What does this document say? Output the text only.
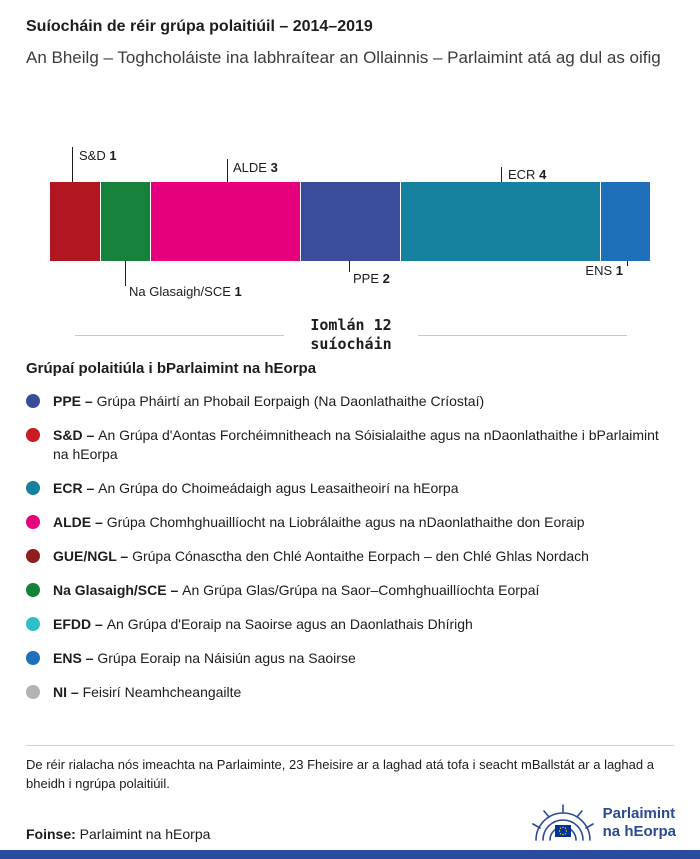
Suíocháin de réir grúpa polaitiúil – 2014–2019
An Bheilg – Toghcholáiste ina labhraítear an Ollainnis – Parlaimint atá ag dul as oifig
S&D 1
Na Glasaigh/SCE 1
ALDE 3
PPE 2
ECR 4
ENS 1
Iomlán 12
suíocháin
Grúpaí polaitiúla i bParlaimint na hEorpa
PPE – Grúpa Pháirtí an Phobail Eorpaigh (Na Daonlathaithe Críostaí)
S&D – An Grúpa d'Aontas Forchéimnitheach na Sóisialaithe agus na nDaonlathaithe i bParlaimint na hEorpa
ECR – An Grúpa do Choimeádaigh agus Leasaitheoirí na hEorpa
ALDE – Grúpa Chomhghuaillíocht na Liobrálaithe agus na nDaonlathaithe don Eoraip
GUE/NGL – Grúpa Cónasctha den Chlé Aontaithe Eorpach – den Chlé Ghlas Nordach
Na Glasaigh/SCE – An Grúpa Glas/Grúpa na Saor–Comhghuaillíochta Eorpaí
EFDD – An Grúpa d'Eoraip na Saoirse agus an Daonlathais Dhírigh
ENS – Grúpa Eoraip na Náisiún agus na Saoirse
NI – Feisirí Neamhcheangailte
De réir rialacha nós imeachta na Parlaiminte, 23 Fheisire ar a laghad atá tofa i seacht mBallstát ar a laghad a bheidh i ngrúpa polaitiúil.
Foinse: Parlaimint na hEorpa
Parlaimint
na hEorpa
